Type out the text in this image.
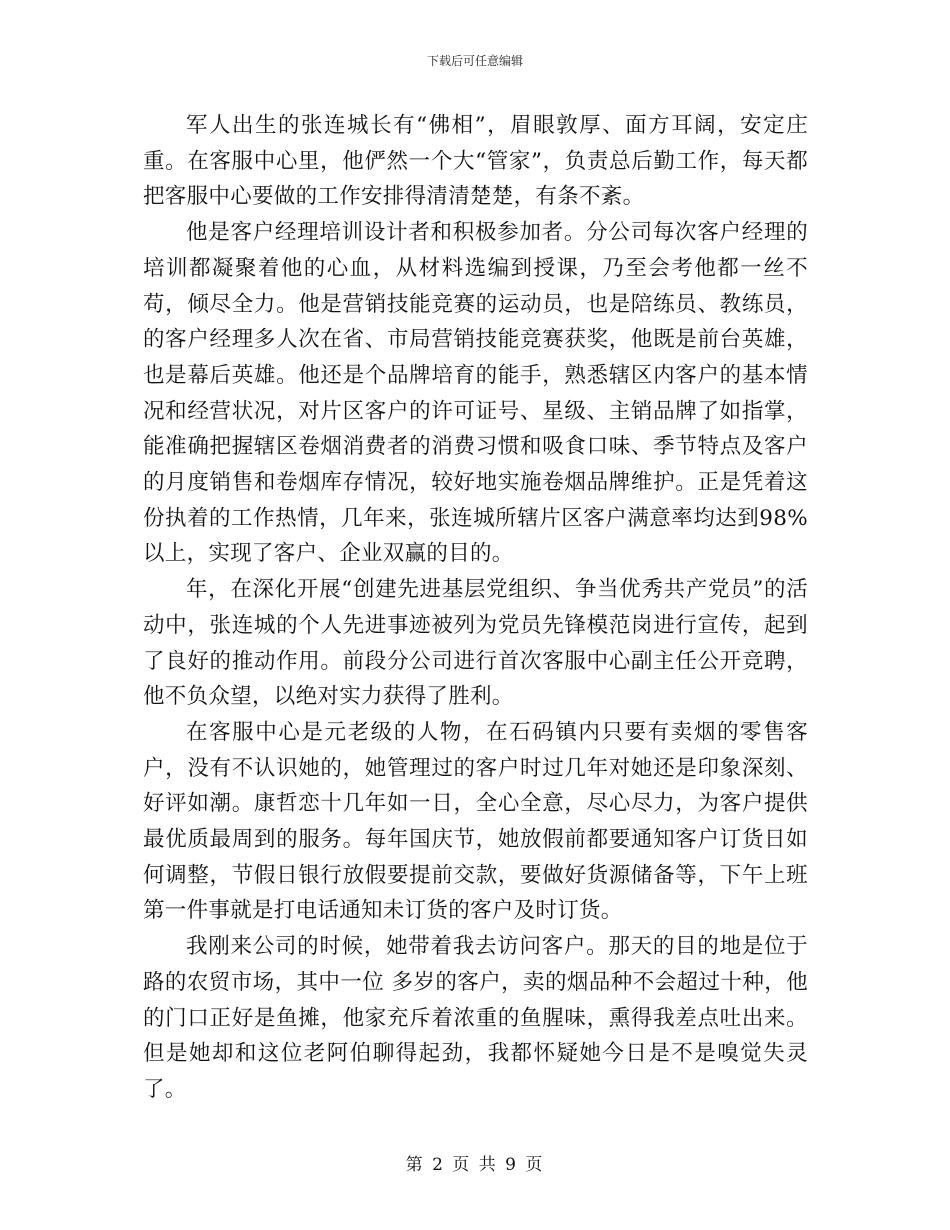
下载后可任意编辑

军人出生的张连城长有“佛相”，眉眼敦厚、面方耳阔，安定庄重。在客服中心里，他俨然一个大“管家”，负责总后勤工作，每天都把客服中心要做的工作安排得清清楚楚，有条不紊。

他是客户经理培训设计者和积极参加者。分公司每次客户经理的培训都凝聚着他的心血，从材料选编到授课，乃至会考他都一丝不苟，倾尽全力。他是营销技能竞赛的运动员，也是陪练员、教练员，的客户经理多人次在省、市局营销技能竞赛获奖，他既是前台英雄，也是幕后英雄。他还是个品牌培育的能手，熟悉辖区内客户的基本情况和经营状况，对片区客户的许可证号、星级、主销品牌了如指掌，能准确把握辖区卷烟消费者的消费习惯和吸食口味、季节特点及客户的月度销售和卷烟库存情况，较好地实施卷烟品牌维护。正是凭着这份执着的工作热情，几年来，张连城所辖片区客户满意率均达到98%以上，实现了客户、企业双赢的目的。

年，在深化开展“创建先进基层党组织、争当优秀共产党员”的活动中，张连城的个人先进事迹被列为党员先锋模范岗进行宣传，起到了良好的推动作用。前段分公司进行首次客服中心副主任公开竞聘，他不负众望，以绝对实力获得了胜利。

在客服中心是元老级的人物，在石码镇内只要有卖烟的零售客户，没有不认识她的，她管理过的客户时过几年对她还是印象深刻、好评如潮。康哲恋十几年如一日，全心全意，尽心尽力，为客户提供最优质最周到的服务。每年国庆节，她放假前都要通知客户订货日如何调整，节假日银行放假要提前交款，要做好货源储备等，下午上班第一件事就是打电话通知未订货的客户及时订货。

我刚来公司的时候，她带着我去访问客户。那天的目的地是位于路的农贸市场，其中一位 多岁的客户，卖的烟品种不会超过十种，他的门口正好是鱼摊，他家充斥着浓重的鱼腥味，熏得我差点吐出来。但是她却和这位老阿伯聊得起劲，我都怀疑她今日是不是嗅觉失灵了。

第 2 页 共 9 页
